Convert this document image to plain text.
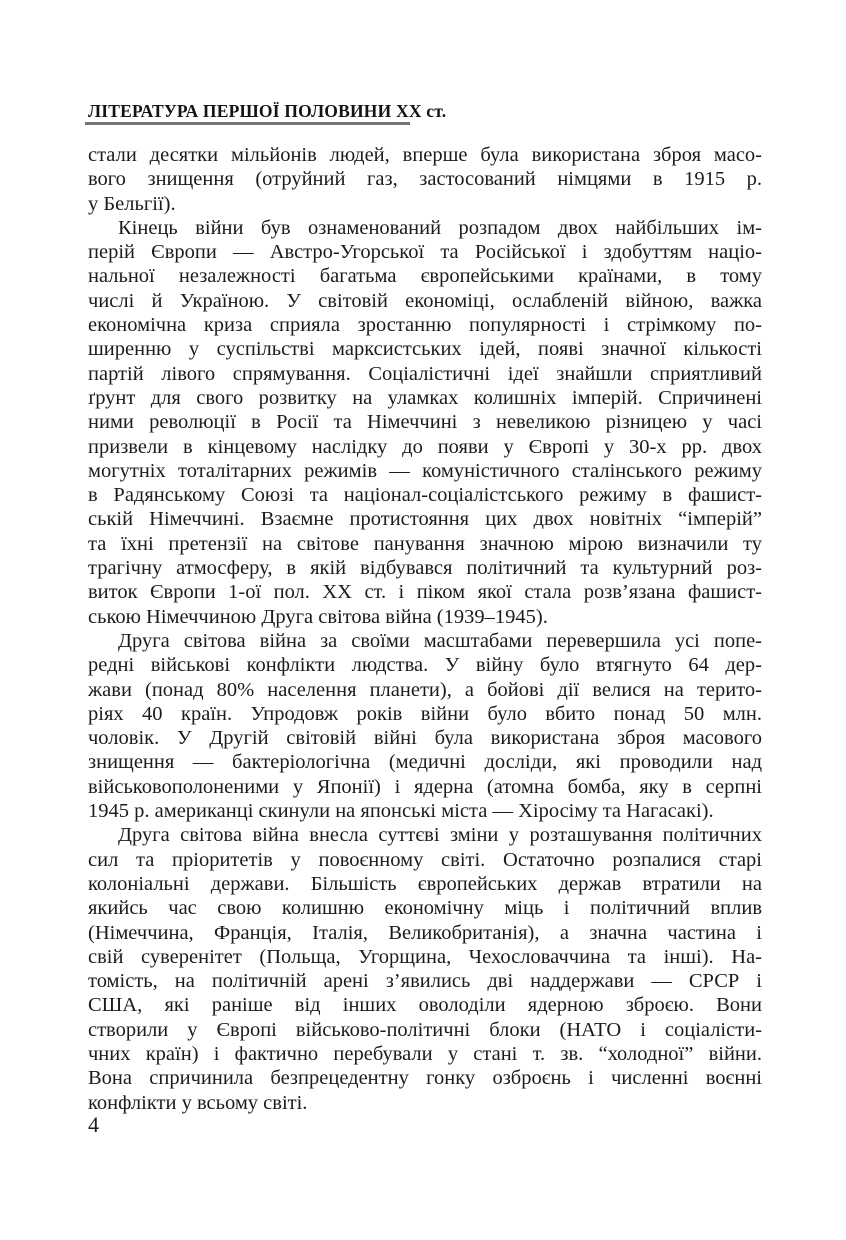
ЛІТЕРАТУРА ПЕРШОЇ ПОЛОВИНИ XX ст.
стали десятки мільйонів людей, вперше була використана зброя масо-
вого знищення (отруйний газ, застосований німцями в 1915 р.
у Бельгії).
Кінець війни був ознаменований розпадом двох найбільших ім-
перій Європи — Австро-Угорської та Російської і здобуттям націо-
нальної незалежності багатьма європейськими країнами, в тому
числі й Україною. У світовій економіці, ослабленій війною, важка
економічна криза сприяла зростанню популярності і стрімкому по-
ширенню у суспільстві марксистських ідей, появі значної кількості
партій лівого спрямування. Соціалістичні ідеї знайшли сприятливий
ґрунт для свого розвитку на уламках колишніх імперій. Спричинені
ними революції в Росії та Німеччині з невеликою різницею у часі
призвели в кінцевому наслідку до появи у Європі у 30-х рр. двох
могутніх тоталітарних режимів — комуністичного сталінського режиму
в Радянському Союзі та націонал-соціалістського режиму в фашист-
ській Німеччині. Взаємне протистояння цих двох новітніх “імперій”
та їхні претензії на світове панування значною мірою визначили ту
трагічну атмосферу, в якій відбувався політичний та культурний роз-
виток Європи 1-ої пол. XX ст. і піком якої стала розв’язана фашист-
ською Німеччиною Друга світова війна (1939–1945).
Друга світова війна за своїми масштабами перевершила усі попе-
редні військові конфлікти людства. У війну було втягнуто 64 дер-
жави (понад 80% населення планети), а бойові дії велися на терито-
ріях 40 країн. Упродовж років війни було вбито понад 50 млн.
чоловік. У Другій світовій війні була використана зброя масового
знищення — бактеріологічна (медичні досліди, які проводили над
військовополоненими у Японії) і ядерна (атомна бомба, яку в серпні
1945 р. американці скинули на японські міста — Хіросіму та Нагасакі).
Друга світова війна внесла суттєві зміни у розташування політичних
сил та пріоритетів у повоєнному світі. Остаточно розпалися старі
колоніальні держави. Більшість європейських держав втратили на
якийсь час свою колишню економічну міць і політичний вплив
(Німеччина, Франція, Італія, Великобританія), а значна частина і
свій суверенітет (Польща, Угорщина, Чехословаччина та інші). На-
томість, на політичній арені з’явились дві наддержави — СРСР і
США, які раніше від інших оволоділи ядерною зброєю. Вони
створили у Європі військово-політичні блоки (НАТО і соціалісти-
чних країн) і фактично перебували у стані т. зв. “холодної” війни.
Вона спричинила безпрецедентну гонку озброєнь і численні воєнні
конфлікти у всьому світі.
4
